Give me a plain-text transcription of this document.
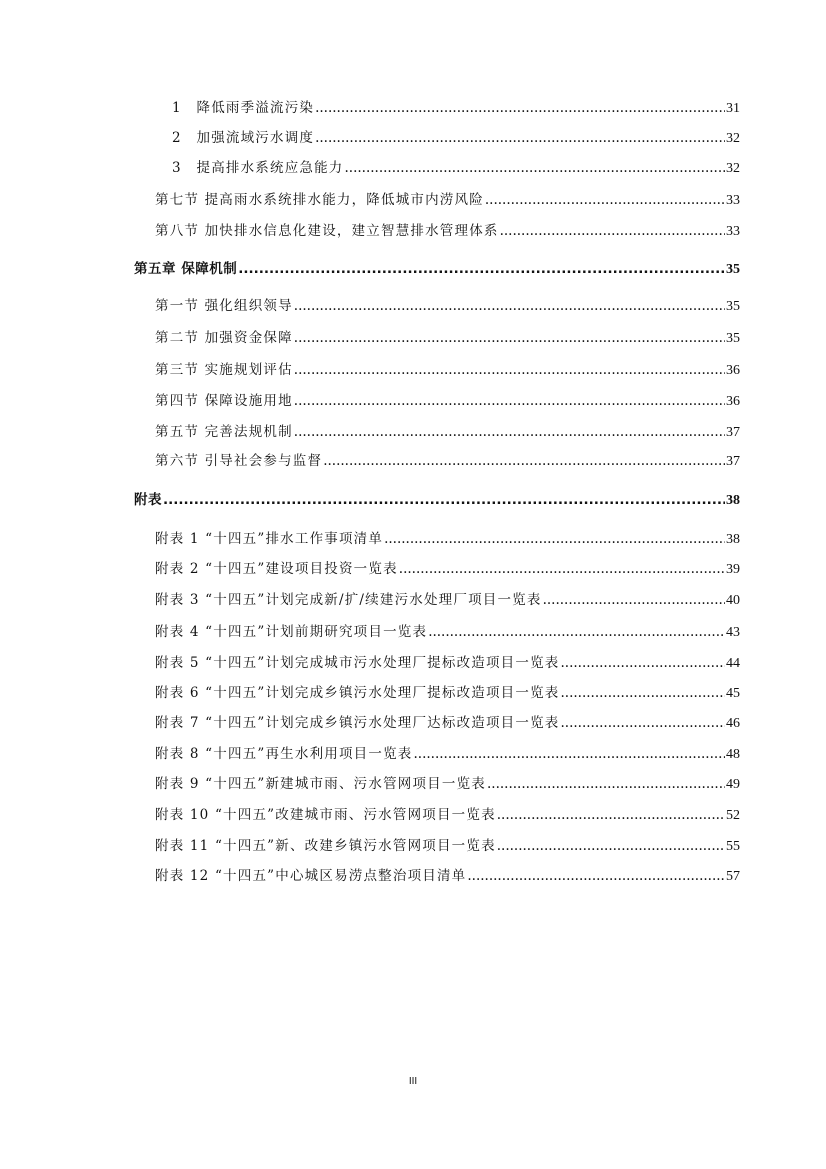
1　降低雨季溢流污染 .....	31
2　加强流域污水调度 .....	32
3　提高排水系统应急能力 .....	32
第七节 提高雨水系统排水能力，降低城市内涝风险 .....	33
第八节 加快排水信息化建设，建立智慧排水管理体系 .....	33
第五章 保障机制 .....	35
第一节 强化组织领导 .....	35
第二节 加强资金保障 .....	35
第三节 实施规划评估 .....	36
第四节 保障设施用地 .....	36
第五节 完善法规机制 .....	37
第六节 引导社会参与监督 .....	37
附表 .....	38
附表 1 “十四五”排水工作事项清单 .....	38
附表 2 “十四五”建设项目投资一览表 .....	39
附表 3 “十四五”计划完成新/扩/续建污水处理厂项目一览表 .....	40
附表 4 “十四五”计划前期研究项目一览表 .....	43
附表 5 “十四五”计划完成城市污水处理厂提标改造项目一览表 .....	44
附表 6 “十四五”计划完成乡镇污水处理厂提标改造项目一览表 .....	45
附表 7 “十四五”计划完成乡镇污水处理厂达标改造项目一览表 .....	46
附表 8 “十四五”再生水利用项目一览表 .....	48
附表 9 “十四五”新建城市雨、污水管网项目一览表 .....	49
附表 10 “十四五”改建城市雨、污水管网项目一览表 .....	52
附表 11 “十四五”新、改建乡镇污水管网项目一览表 .....	55
附表 12 “十四五”中心城区易涝点整治项目清单 .....	57
III
